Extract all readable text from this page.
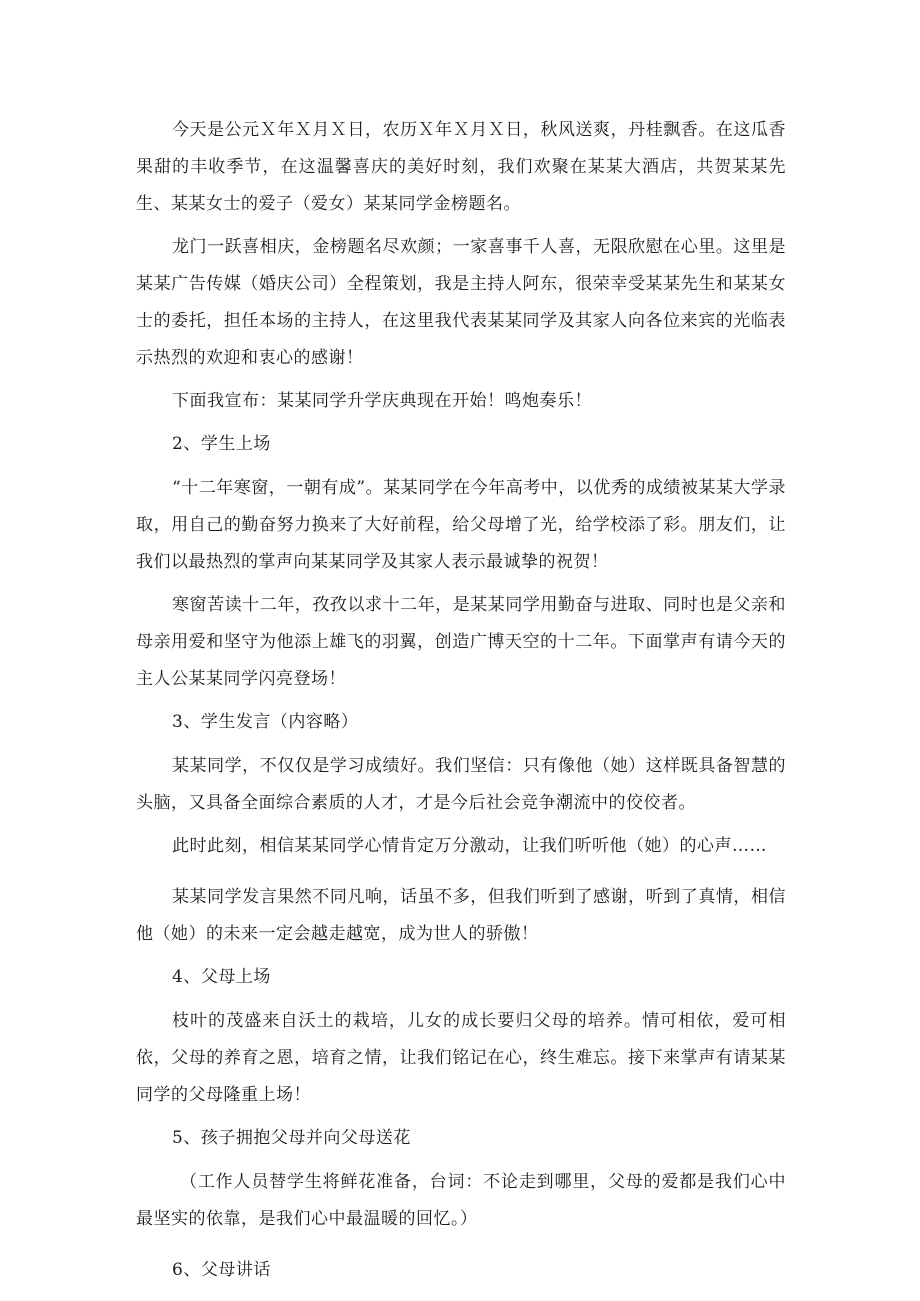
今天是公元Ｘ年Ｘ月Ｘ日，农历Ｘ年Ｘ月Ｘ日，秋风送爽，丹桂飘香。在这瓜香果甜的丰收季节，在这温馨喜庆的美好时刻，我们欢聚在某某大酒店，共贺某某先生、某某女士的爱子（爱女）某某同学金榜题名。

龙门一跃喜相庆，金榜题名尽欢颜；一家喜事千人喜，无限欣慰在心里。这里是某某广告传媒（婚庆公司）全程策划，我是主持人阿东，很荣幸受某某先生和某某女士的委托，担任本场的主持人，在这里我代表某某同学及其家人向各位来宾的光临表示热烈的欢迎和衷心的感谢！

下面我宣布：某某同学升学庆典现在开始！鸣炮奏乐！

2、学生上场

“十二年寒窗，一朝有成”。某某同学在今年高考中，以优秀的成绩被某某大学录取，用自己的勤奋努力换来了大好前程，给父母增了光，给学校添了彩。朋友们，让我们以最热烈的掌声向某某同学及其家人表示最诚挚的祝贺！

寒窗苦读十二年，孜孜以求十二年，是某某同学用勤奋与进取、同时也是父亲和母亲用爱和坚守为他添上雄飞的羽翼，创造广博天空的十二年。下面掌声有请今天的主人公某某同学闪亮登场！

3、学生发言（内容略）

某某同学，不仅仅是学习成绩好。我们坚信：只有像他（她）这样既具备智慧的头脑，又具备全面综合素质的人才，才是今后社会竞争潮流中的佼佼者。

此时此刻，相信某某同学心情肯定万分激动，让我们听听他（她）的心声……

某某同学发言果然不同凡响，话虽不多，但我们听到了感谢，听到了真情，相信他（她）的未来一定会越走越宽，成为世人的骄傲！

4、父母上场

枝叶的茂盛来自沃土的栽培，儿女的成长要归父母的培养。情可相依，爱可相依，父母的养育之恩，培育之情，让我们铭记在心，终生难忘。接下来掌声有请某某同学的父母隆重上场！

5、孩子拥抱父母并向父母送花

（工作人员替学生将鲜花准备，台词：不论走到哪里，父母的爱都是我们心中最坚实的依靠，是我们心中最温暖的回忆。）

6、父母讲话
